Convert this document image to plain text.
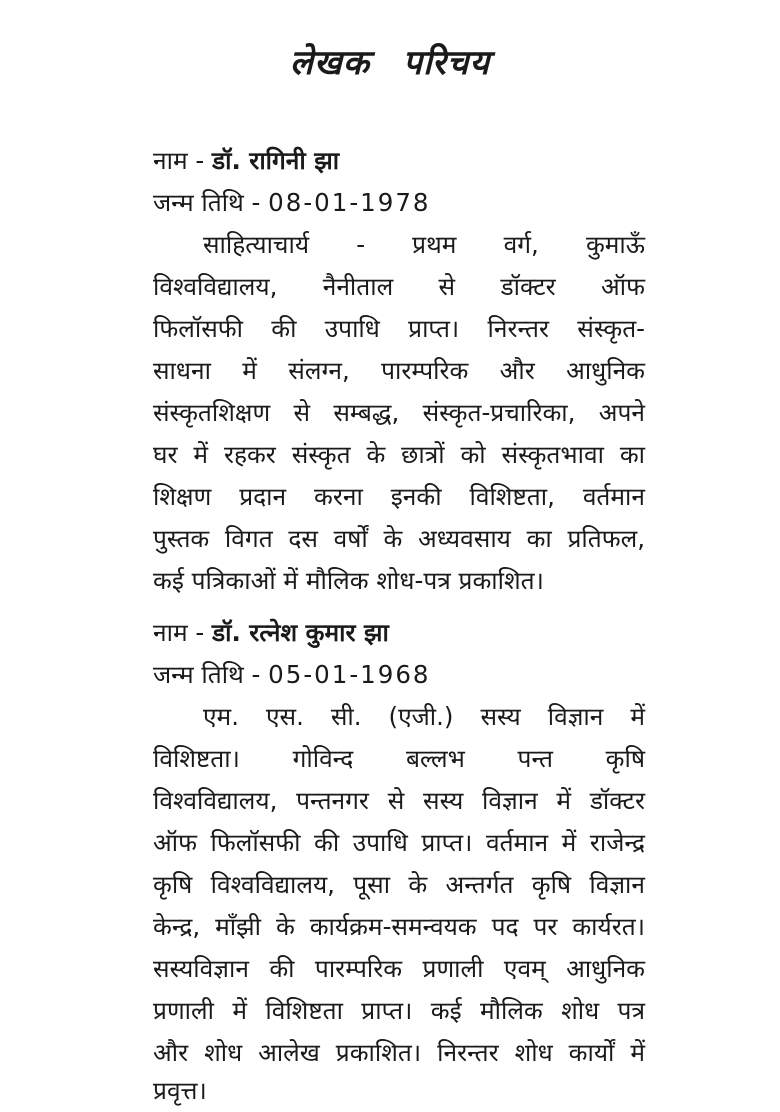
लेखक परिचय
नाम - डॉ. रागिनी झा
जन्म तिथि - 08-01-1978
साहित्याचार्य - प्रथम वर्ग, कुमाऊँ
विश्वविद्यालय, नैनीताल से डॉक्टर ऑफ
फिलॉसफी की उपाधि प्राप्त। निरन्तर संस्कृत-
साधना में संलग्न, पारम्परिक और आधुनिक
संस्कृतशिक्षण से सम्बद्ध, संस्कृत-प्रचारिका, अपने
घर में रहकर संस्कृत के छात्रों को संस्कृतभावा का
शिक्षण प्रदान करना इनकी विशिष्टता, वर्तमान
पुस्तक विगत दस वर्षों के अध्यवसाय का प्रतिफल,
कई पत्रिकाओं में मौलिक शोध-पत्र प्रकाशित।
नाम - डॉ. रत्नेश कुमार झा
जन्म तिथि - 05-01-1968
एम. एस. सी. (एजी.) सस्य विज्ञान में
विशिष्टता। गोविन्द बल्लभ पन्त कृषि
विश्वविद्यालय, पन्तनगर से सस्य विज्ञान में डॉक्टर
ऑफ फिलॉसफी की उपाधि प्राप्त। वर्तमान में राजेन्द्र
कृषि विश्वविद्यालय, पूसा के अन्तर्गत कृषि विज्ञान
केन्द्र, माँझी के कार्यक्रम-समन्वयक पद पर कार्यरत।
सस्यविज्ञान की पारम्परिक प्रणाली एवम् आधुनिक
प्रणाली में विशिष्टता प्राप्त। कई मौलिक शोध पत्र
और शोध आलेख प्रकाशित। निरन्तर शोध कार्यों में
प्रवृत्त।
